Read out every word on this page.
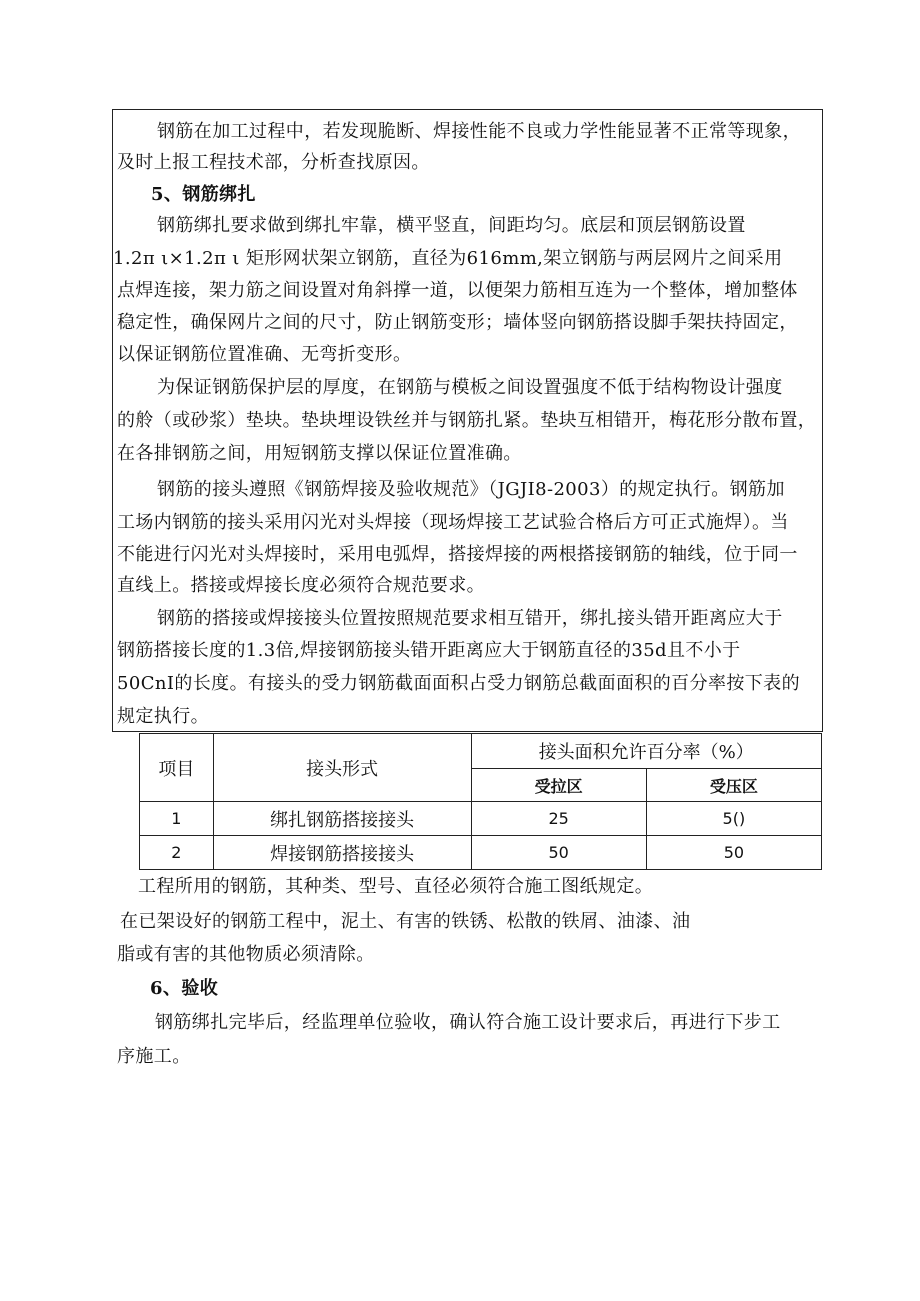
钢筋在加工过程中，若发现脆断、焊接性能不良或力学性能显著不正常等现象，
及时上报工程技术部，分析查找原因。
5、钢筋绑扎
钢筋绑扎要求做到绑扎牢靠，横平竖直，间距均匀。底层和顶层钢筋设置
1.2π ι×1.2π ι 矩形网状架立钢筋，直径为616mm,架立钢筋与两层网片之间采用
点焊连接，架力筋之间设置对角斜撑一道，以便架力筋相互连为一个整体，增加整体
稳定性，确保网片之间的尺寸，防止钢筋变形；墙体竖向钢筋搭设脚手架扶持固定，
以保证钢筋位置准确、无弯折变形。
为保证钢筋保护层的厚度，在钢筋与模板之间设置强度不低于结构物设计强度
的舲（或砂浆）垫块。垫块埋设铁丝并与钢筋扎紧。垫块互相错开，梅花形分散布置，
在各排钢筋之间，用短钢筋支撑以保证位置准确。
钢筋的接头遵照《钢筋焊接及验收规范》（JGJI8-2003）的规定执行。钢筋加
工场内钢筋的接头采用闪光对头焊接（现场焊接工艺试验合格后方可正式施焊）。当
不能进行闪光对头焊接时，采用电弧焊，搭接焊接的两根搭接钢筋的轴线，位于同一
直线上。搭接或焊接长度必须符合规范要求。
钢筋的搭接或焊接接头位置按照规范要求相互错开，绑扎接头错开距离应大于
钢筋搭接长度的1.3倍,焊接钢筋接头错开距离应大于钢筋直径的35d且不小于
50CnI的长度。有接头的受力钢筋截面面积占受力钢筋总截面面积的百分率按下表的
规定执行。
项目	接头形式	接头面积允许百分率（%）	
		受拉区	受压区
1	绑扎钢筋搭接接头	25	5()
2	焊接钢筋搭接接头	50	50
工程所用的钢筋，其种类、型号、直径必须符合施工图纸规定。
在已架设好的钢筋工程中，泥土、有害的铁锈、松散的铁屑、油漆、油
脂或有害的其他物质必须清除。
6、验收
钢筋绑扎完毕后，经监理单位验收，确认符合施工设计要求后，再进行下步工
序施工。
